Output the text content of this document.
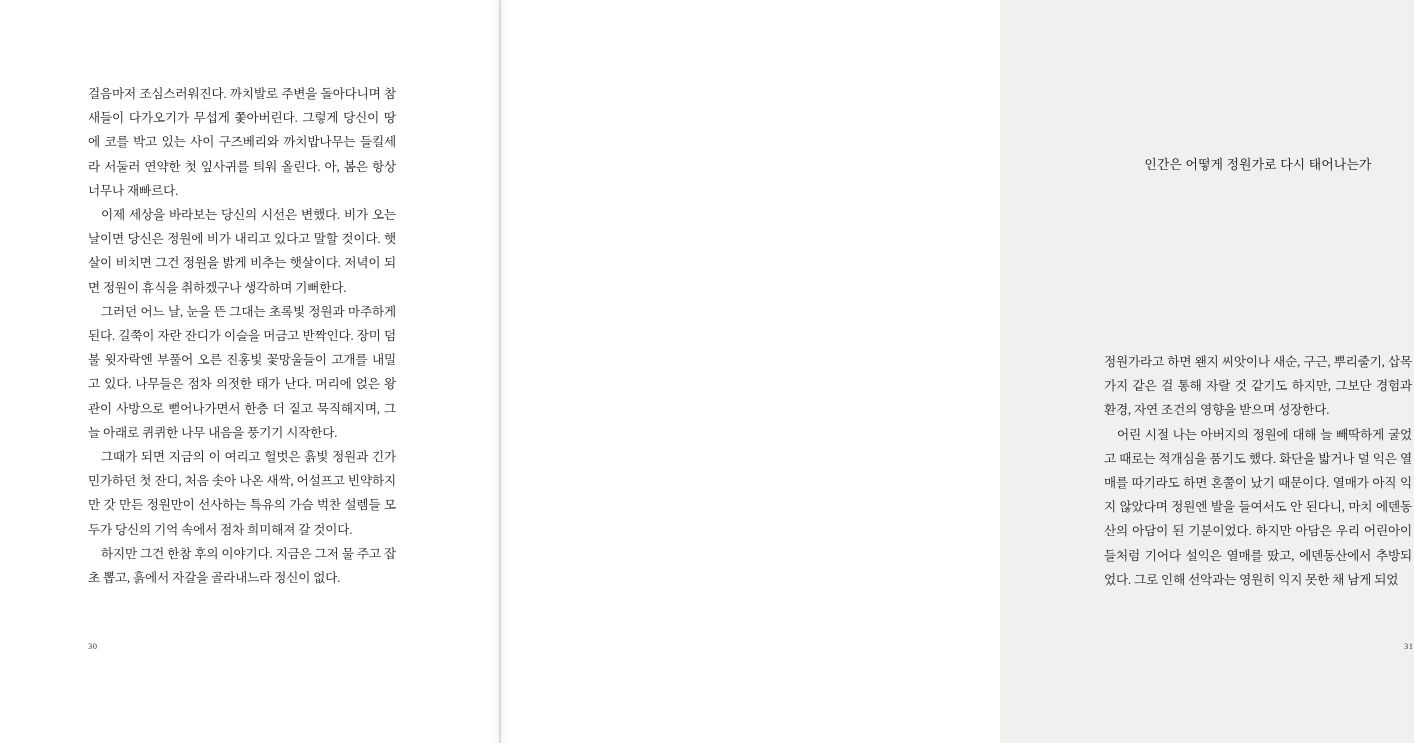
걸음마저 조심스러워진다. 까치발로 주변을 돌아다니며 참새들이 다가오기가 무섭게 쫓아버린다. 그렇게 당신이 땅에 코를 박고 있는 사이 구즈베리와 까치밥나무는 들킬세라 서둘러 연약한 첫 잎사귀를 틔워 올린다. 아, 봄은 항상 너무나 재빠르다.

이제 세상을 바라보는 당신의 시선은 변했다. 비가 오는 날이면 당신은 정원에 비가 내리고 있다고 말할 것이다. 햇살이 비치면 그건 정원을 밝게 비추는 햇살이다. 저녁이 되면 정원이 휴식을 취하겠구나 생각하며 기뻐한다.

그러던 어느 날, 눈을 뜬 그대는 초록빛 정원과 마주하게 된다. 길쭉이 자란 잔디가 이슬을 머금고 반짝인다. 장미 덤불 윗자락엔 부풀어 오른 진홍빛 꽃망울들이 고개를 내밀고 있다. 나무들은 점차 의젓한 태가 난다. 머리에 얹은 왕관이 사방으로 뻗어나가면서 한층 더 짙고 묵직해지며, 그늘 아래로 퀴퀴한 나무 내음을 풍기기 시작한다.

그때가 되면 지금의 이 여리고 헐벗은 흙빛 정원과 긴가민가하던 첫 잔디, 처음 솟아 나온 새싹, 어설프고 빈약하지만 갓 만든 정원만이 선사하는 특유의 가슴 벅찬 설렘들 모두가 당신의 기억 속에서 점차 희미해져 갈 것이다.

하지만 그건 한참 후의 이야기다. 지금은 그저 물 주고 잡초 뽑고, 흙에서 자갈을 골라내느라 정신이 없다.

30
인간은 어떻게 정원가로 다시 태어나는가

정원가라고 하면 왠지 씨앗이나 새순, 구근, 뿌리줄기, 삽목 가지 같은 걸 통해 자랄 것 같기도 하지만, 그보단 경험과 환경, 자연 조건의 영향을 받으며 성장한다.

어린 시절 나는 아버지의 정원에 대해 늘 빼딱하게 굴었고 때로는 적개심을 품기도 했다. 화단을 밟거나 덜 익은 열매를 따기라도 하면 혼쭐이 났기 때문이다. 열매가 아직 익지 않았다며 정원엔 발을 들여서도 안 된다니, 마치 에덴동산의 아담이 된 기분이었다. 하지만 아담은 우리 어린아이들처럼 기어다 설익은 열매를 땄고, 에덴동산에서 추방되었다. 그로 인해 선악과는 영원히 익지 못한 채 남게 되었

31
